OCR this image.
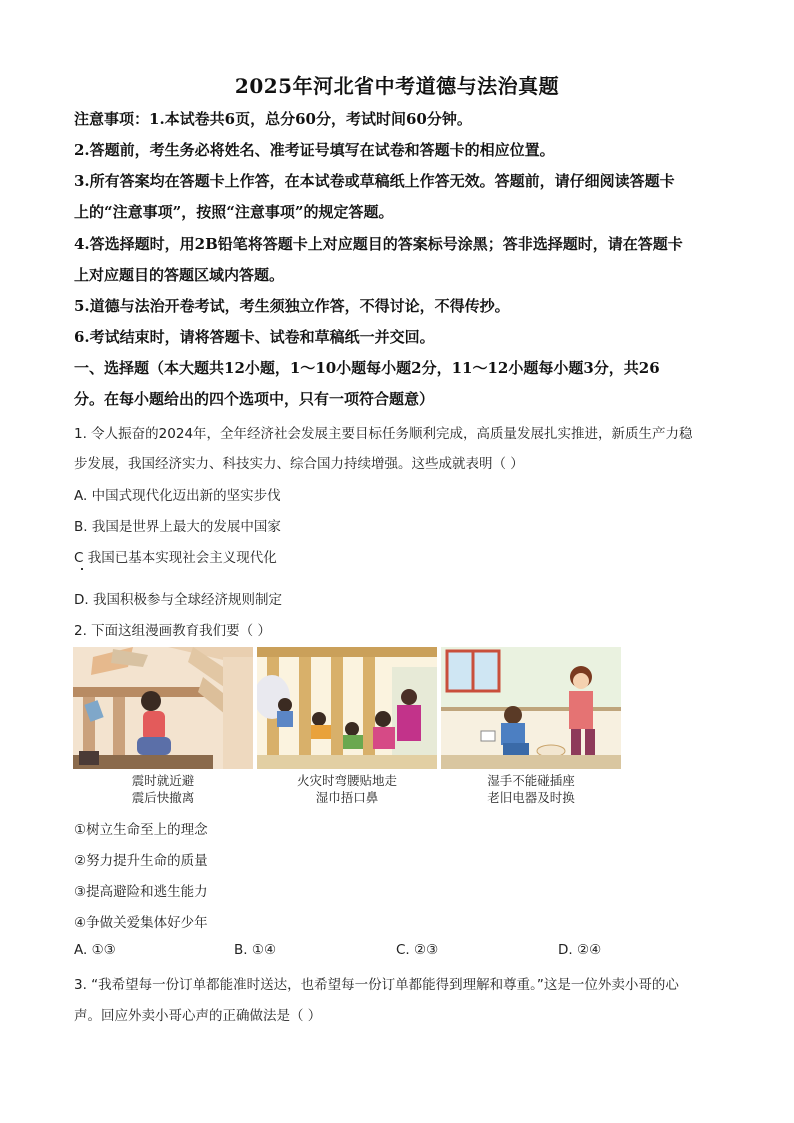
2025年河北省中考道德与法治真题
注意事项：1.本试卷共6页，总分60分，考试时间60分钟。
2.答题前，考生务必将姓名、准考证号填写在试卷和答题卡的相应位置。
3.所有答案均在答题卡上作答，在本试卷或草稿纸上作答无效。答题前，请仔细阅读答题卡
上的“注意事项”，按照“注意事项”的规定答题。
4.答选择题时，用2B铅笔将答题卡上对应题目的答案标号涂黑；答非选择题时，请在答题卡
上对应题目的答题区域内答题。
5.道德与法治开卷考试，考生须独立作答，不得讨论，不得传抄。
6.考试结束时，请将答题卡、试卷和草稿纸一并交回。
一、选择题（本大题共12小题，1～10小题每小题2分，11～12小题每小题3分，共26
分。在每小题给出的四个选项中，只有一项符合题意）
1. 令人振奋的2024年，全年经济社会发展主要目标任务顺利完成，高质量发展扎实推进，新质生产力稳
步发展，我国经济实力、科技实力、综合国力持续增强。这些成就表明（ ）
A. 中国式现代化迈出新的坚实步伐
B. 我国是世界上最大的发展中国家
C 我国已基本实现社会主义现代化
D. 我国积极参与全球经济规则制定
2. 下面这组漫画教育我们要（ ）
震时就近避
震后快撤离
火灾时弯腰贴地走
湿巾捂口鼻
湿手不能碰插座
老旧电器及时换
①树立生命至上的理念
②努力提升生命的质量
③提高避险和逃生能力
④争做关爱集体好少年
A. ①③	B. ①④	C. ②③	D. ②④
3. “我希望每一份订单都能准时送达，也希望每一份订单都能得到理解和尊重。”这是一位外卖小哥的心
声。回应外卖小哥心声的正确做法是（ ）
